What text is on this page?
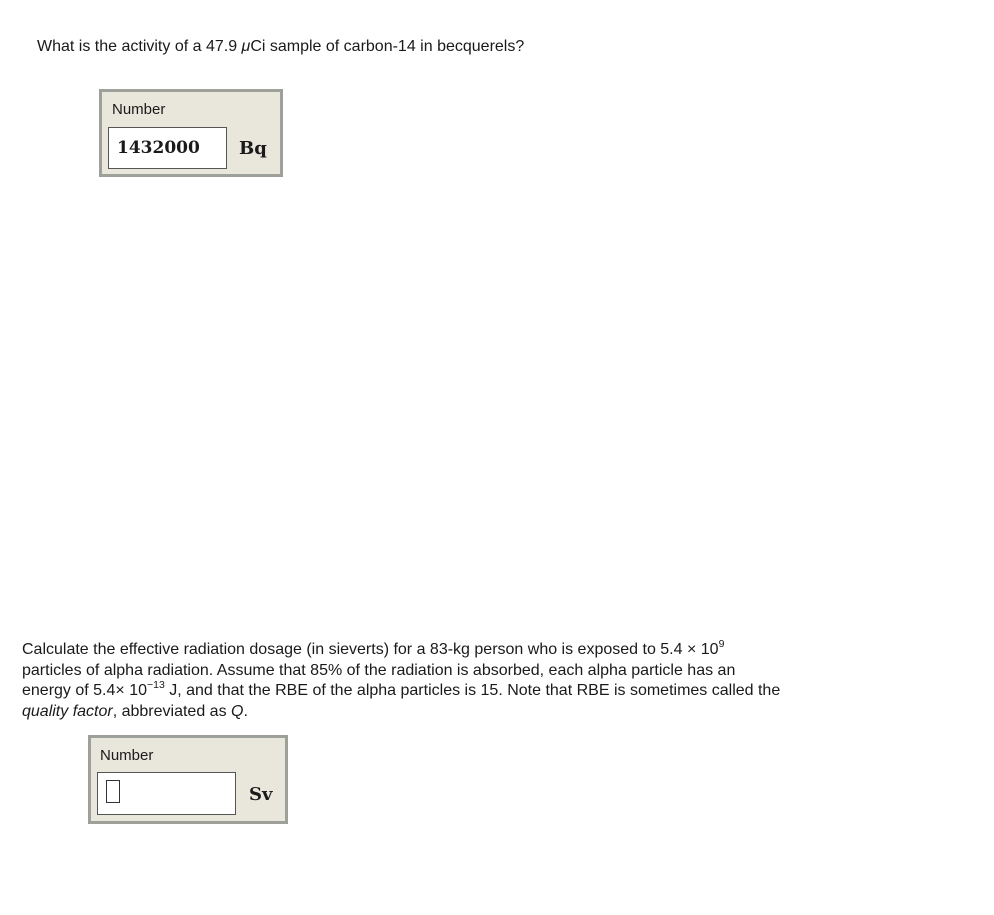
What is the activity of a 47.9 μCi sample of carbon-14 in becquerels?
Number
1432000	Bq
Calculate the effective radiation dosage (in sieverts) for a 83-kg person who is exposed to $5.4 \times 10^9$
particles of alpha radiation. Assume that 85% of the radiation is absorbed, each alpha particle has an
energy of $5.4\times 10^{-13}$ J, and that the RBE of the alpha particles is 15. Note that RBE is sometimes called the
quality factor, abbreviated as Q.
Number
Sv
